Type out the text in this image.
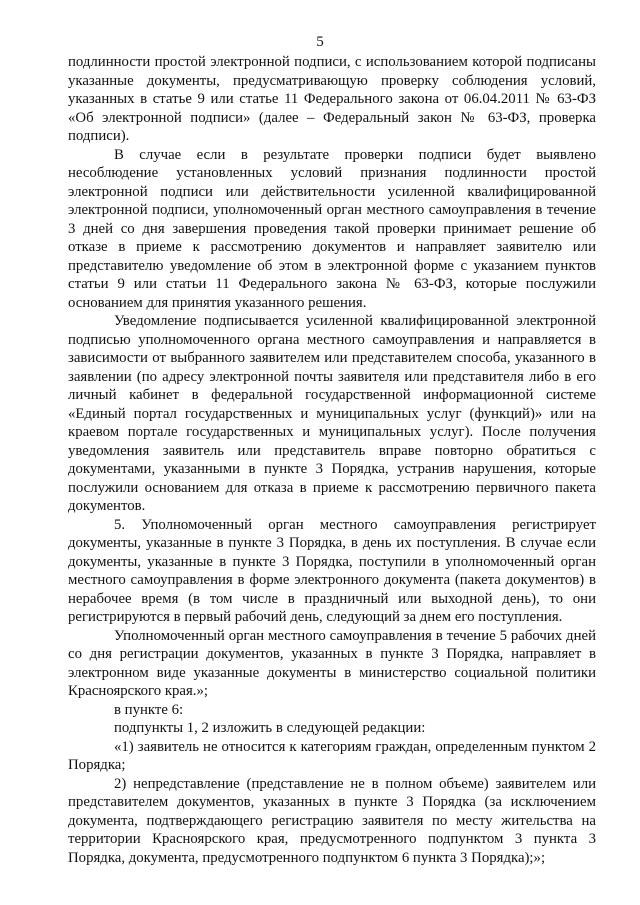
5

подлинности простой электронной подписи, с использованием которой подписаны указанные документы, предусматривающую проверку соблюдения условий, указанных в статье 9 или статье 11 Федерального закона от 06.04.2011 № 63-ФЗ «Об электронной подписи» (далее – Федеральный закон № 63-ФЗ, проверка подписи).

В случае если в результате проверки подписи будет выявлено несоблюдение установленных условий признания подлинности простой электронной подписи или действительности усиленной квалифицированной электронной подписи, уполномоченный орган местного самоуправления в течение 3 дней со дня завершения проведения такой проверки принимает решение об отказе в приеме к рассмотрению документов и направляет заявителю или представителю уведомление об этом в электронной форме с указанием пунктов статьи 9 или статьи 11 Федерального закона № 63-ФЗ, которые послужили основанием для принятия указанного решения.

Уведомление подписывается усиленной квалифицированной электронной подписью уполномоченного органа местного самоуправления и направляется в зависимости от выбранного заявителем или представителем способа, указанного в заявлении (по адресу электронной почты заявителя или представителя либо в его личный кабинет в федеральной государственной информационной системе «Единый портал государственных и муниципальных услуг (функций)» или на краевом портале государственных и муниципальных услуг). После получения уведомления заявитель или представитель вправе повторно обратиться с документами, указанными в пункте 3 Порядка, устранив нарушения, которые послужили основанием для отказа в приеме к рассмотрению первичного пакета документов.

5. Уполномоченный орган местного самоуправления регистрирует документы, указанные в пункте 3 Порядка, в день их поступления. В случае если документы, указанные в пункте 3 Порядка, поступили в уполномоченный орган местного самоуправления в форме электронного документа (пакета документов) в нерабочее время (в том числе в праздничный или выходной день), то они регистрируются в первый рабочий день, следующий за днем его поступления.

Уполномоченный орган местного самоуправления в течение 5 рабочих дней со дня регистрации документов, указанных в пункте 3 Порядка, направляет в электронном виде указанные документы в министерство социальной политики Красноярского края.»;

в пункте 6:

подпункты 1, 2 изложить в следующей редакции:

«1) заявитель не относится к категориям граждан, определенным пунктом 2 Порядка;

2) непредставление (представление не в полном объеме) заявителем или представителем документов, указанных в пункте 3 Порядка (за исключением документа, подтверждающего регистрацию заявителя по месту жительства на территории Красноярского края, предусмотренного подпунктом 3 пункта 3 Порядка, документа, предусмотренного подпунктом 6 пункта 3 Порядка);»;
